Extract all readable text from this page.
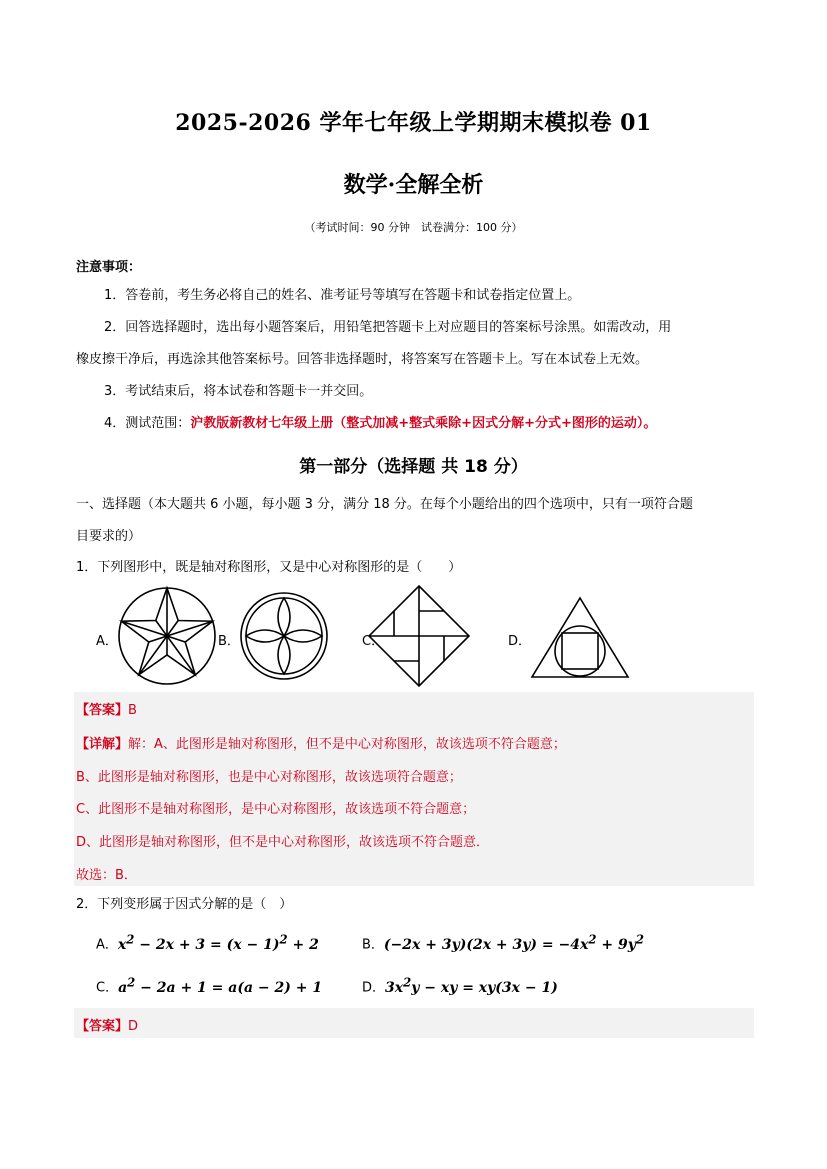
2025-2026 学年七年级上学期期末模拟卷 01
数学·全解全析
（考试时间：90 分钟　试卷满分：100 分）
注意事项：
1．答卷前，考生务必将自己的姓名、准考证号等填写在答题卡和试卷指定位置上。
2．回答选择题时，选出每小题答案后，用铅笔把答题卡上对应题目的答案标号涂黑。如需改动，用
橡皮擦干净后，再选涂其他答案标号。回答非选择题时，将答案写在答题卡上。写在本试卷上无效。
3．考试结束后，将本试卷和答题卡一并交回。
4．测试范围：沪教版新教材七年级上册（整式加减+整式乘除+因式分解+分式+图形的运动）。
第一部分（选择题 共 18 分）
一、选择题（本大题共 6 小题，每小题 3 分，满分 18 分。在每个小题给出的四个选项中，只有一项符合题
目要求的）
1．下列图形中，既是轴对称图形，又是中心对称图形的是（　　）
A．	B．	C．	D．
【答案】B
【详解】解：A、此图形是轴对称图形，但不是中心对称图形，故该选项不符合题意；
B、此图形是轴对称图形，也是中心对称图形，故该选项符合题意；
C、此图形不是轴对称图形，是中心对称图形，故该选项不符合题意；
D、此图形是轴对称图形，但不是中心对称图形，故该选项不符合题意．
故选：B．
2．下列变形属于因式分解的是（　）
A．$x^2 - 2x + 3 = (x - 1)^2 + 2$	B．$(-2x + 3y)(2x + 3y) = -4x^2 + 9y^2$
C．$a^2 - 2a + 1 = a(a - 2) + 1$	D．$3x^2y$ − xy = xy(3x − 1)
【答案】D
